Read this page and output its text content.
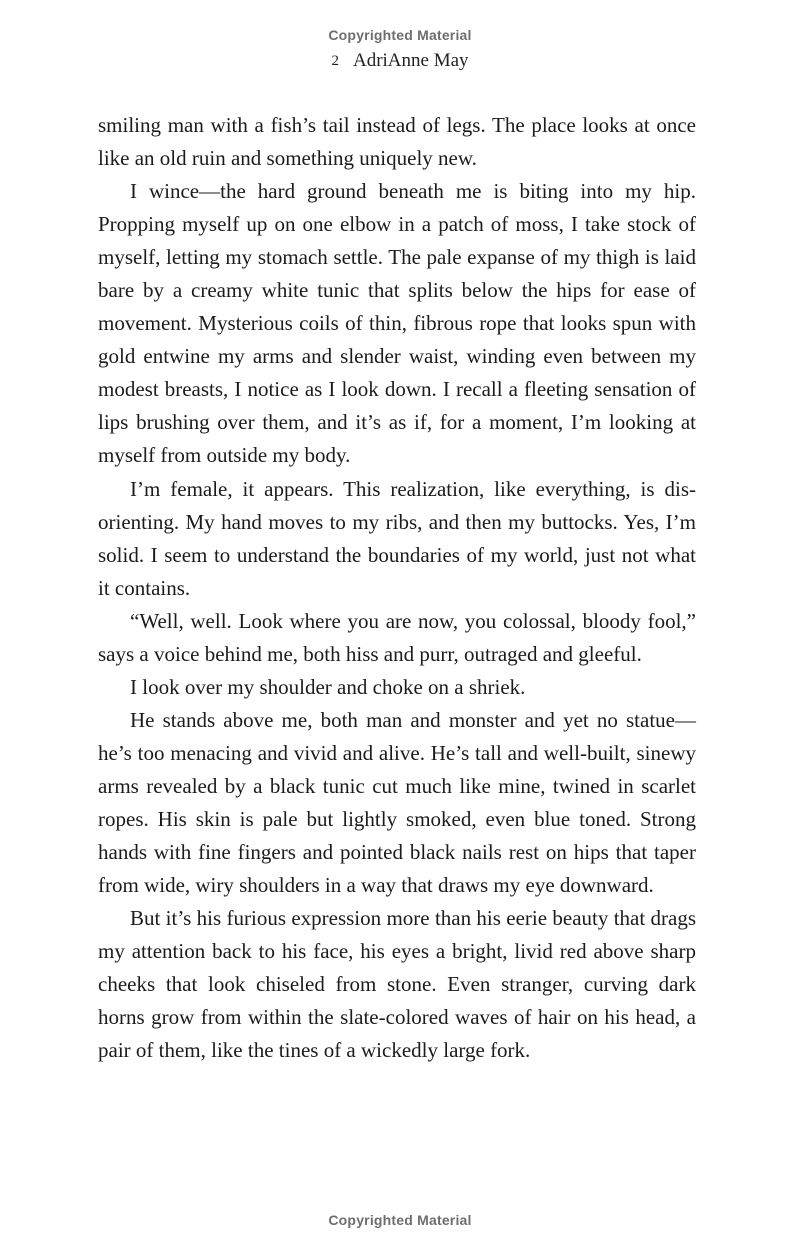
Copyrighted Material
2 AdriAnne May

smiling man with a fish’s tail instead of legs. The place looks at once like an old ruin and something uniquely new.

I wince—the hard ground beneath me is biting into my hip. Propping myself up on one elbow in a patch of moss, I take stock of myself, letting my stomach settle. The pale expanse of my thigh is laid bare by a creamy white tunic that splits below the hips for ease of movement. Mysterious coils of thin, fibrous rope that looks spun with gold entwine my arms and slender waist, winding even between my modest breasts, I notice as I look down. I recall a fleeting sensation of lips brushing over them, and it’s as if, for a moment, I’m looking at myself from outside my body.

I’m female, it appears. This realization, like everything, is disorienting. My hand moves to my ribs, and then my buttocks. Yes, I’m solid. I seem to understand the boundaries of my world, just not what it contains.

“Well, well. Look where you are now, you colossal, bloody fool,” says a voice behind me, both hiss and purr, outraged and gleeful.

I look over my shoulder and choke on a shriek.

He stands above me, both man and monster and yet no statue—he’s too menacing and vivid and alive. He’s tall and well-built, sinewy arms revealed by a black tunic cut much like mine, twined in scarlet ropes. His skin is pale but lightly smoked, even blue toned. Strong hands with fine fingers and pointed black nails rest on hips that taper from wide, wiry shoulders in a way that draws my eye downward.

But it’s his furious expression more than his eerie beauty that drags my attention back to his face, his eyes a bright, livid red above sharp cheeks that look chiseled from stone. Even stranger, curving dark horns grow from within the slate-colored waves of hair on his head, a pair of them, like the tines of a wickedly large fork.

Copyrighted Material
